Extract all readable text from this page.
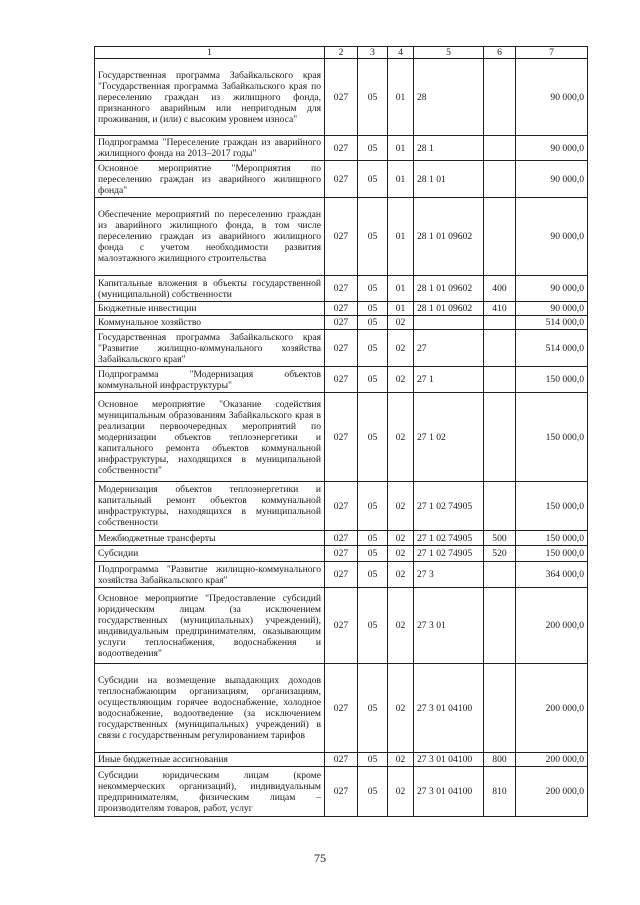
1	2	3	4	5	6	7
Государственная программа Забайкальского края "Государственная программа Забайкальского края по переселению граждан из жилищного фонда, признанного аварийным или непригодным для проживания, и (или) с высоким уровнем износа"	027	05	01	28		90 000,0
Подпрограмма "Переселение граждан из аварийного жилищного фонда на 2013–2017 годы"	027	05	01	28 1		90 000,0
Основное мероприятие "Мероприятия по переселению граждан из аварийного жилищного фонда"	027	05	01	28 1 01		90 000,0
Обеспечение мероприятий по переселению граждан из аварийного жилищного фонда, в том числе переселению граждан из аварийного жилищного фонда с учетом необходимости развития малоэтажного жилищного строительства	027	05	01	28 1 01 09602		90 000,0
Капитальные вложения в объекты государственной (муниципальной) собственности	027	05	01	28 1 01 09602	400	90 000,0
Бюджетные инвестиции	027	05	01	28 1 01 09602	410	90 000,0
Коммунальное хозяйство	027	05	02			514 000,0
Государственная программа Забайкальского края "Развитие жилищно-коммунального хозяйства Забайкальского края"	027	05	02	27		514 000,0
Подпрограмма "Модернизация объектов коммунальной инфраструктуры"	027	05	02	27 1		150 000,0
Основное мероприятие "Оказание содействия муниципальным образованиям Забайкальского края в реализации первоочередных мероприятий по модернизации объектов теплоэнергетики и капитального ремонта объектов коммунальной инфраструктуры, находящихся в муниципальной собственности"	027	05	02	27 1 02		150 000,0
Модернизация объектов теплоэнергетики и капитальный ремонт объектов коммунальной инфраструктуры, находящихся в муниципальной собственности	027	05	02	27 1 02 74905		150 000,0
Межбюджетные трансферты	027	05	02	27 1 02 74905	500	150 000,0
Субсидии	027	05	02	27 1 02 74905	520	150 000,0
Подпрограмма "Развитие жилищно-коммунального хозяйства Забайкальского края"	027	05	02	27 3		364 000,0
Основное мероприятие "Предоставление субсидий юридическим лицам (за исключением государственных (муниципальных) учреждений), индивидуальным предпринимателям, оказывающим услуги теплоснабжения, водоснабжения и водоотведения"	027	05	02	27 3 01		200 000,0
Субсидии на возмещение выпадающих доходов теплоснабжающим организациям, организациям, осуществляющим горячее водоснабжение, холодное водоснабжение, водоотведение (за исключением государственных (муниципальных) учреждений) в связи с государственным регулированием тарифов	027	05	02	27 3 01 04100		200 000,0
Иные бюджетные ассигнования	027	05	02	27 3 01 04100	800	200 000,0
Субсидии юридическим лицам (кроме некоммерческих организаций), индивидуальным предпринимателям, физическим лицам – производителям товаров, работ, услуг	027	05	02	27 3 01 04100	810	200 000,0
75
